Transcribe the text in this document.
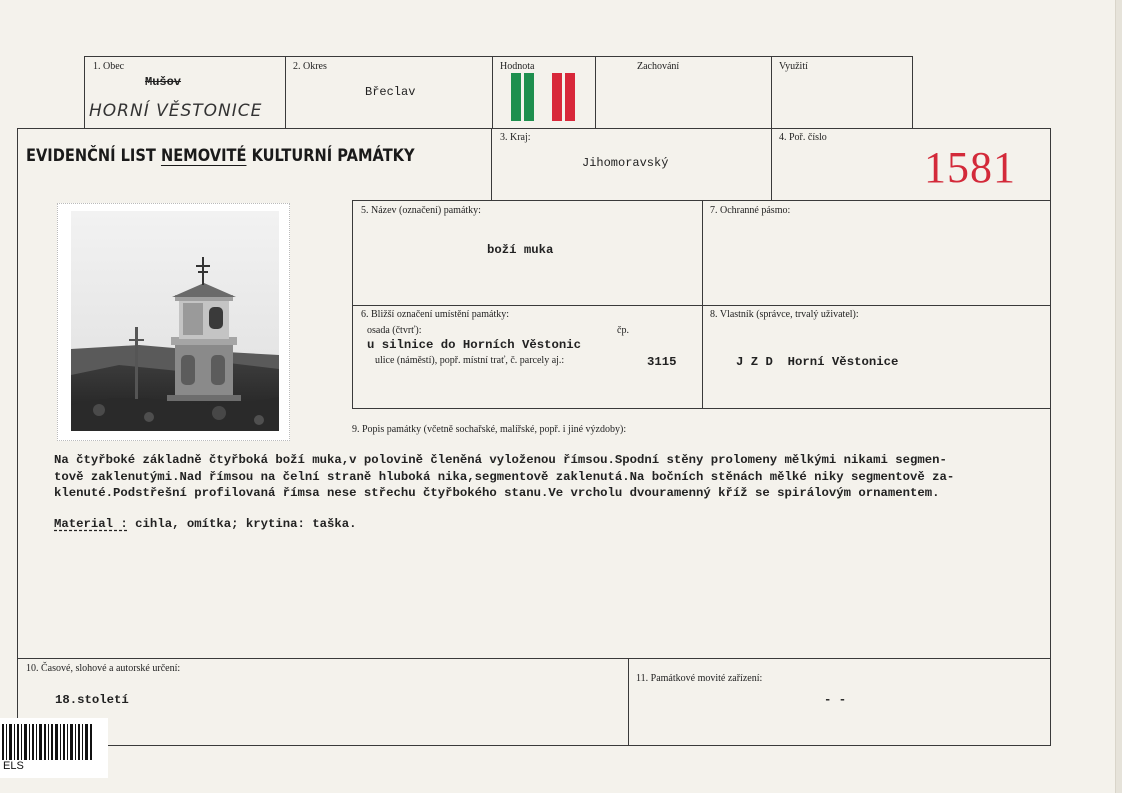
1. Obec
Mušov
HORNÍ VĚSTONICE
2. Okres
Břeclav
Hodnota	Zachování	Využití
EVIDENČNÍ LIST NEMOVITÉ KULTURNÍ PAMÁTKY
3. Kraj:
Jihomoravský
4. Poř. číslo
1581
5. Název (označení) památky:
boží muka
7. Ochranné pásmo:
6. Bližší označení umístění památky:
osada (čtvrť):	čp.
u silnice do Horních Věstonic
ulice (náměstí), popř. místní trať, č. parcely aj.:	3115
8. Vlastník (správce, trvalý uživatel):
J Z D  Horní Věstonice
9. Popis památky (včetně sochařské, malířské, popř. i jiné výzdoby):
Na čtyřboké základně čtyřboká boží muka,v polovině členěná vyloženou římsou.Spodní stěny prolomeny mělkými nikami segmen-
tově zaklenutými.Nad římsou na čelní straně hluboká nika,segmentově zaklenutá.Na bočních stěnách mělké niky segmentově za-
klenuté.Podstřešní profilovaná římsa nese střechu čtyřbokého stanu.Ve vrcholu dvouramenný kříž se spirálovým ornamentem.
Material : cihla, omítka; krytina: taška.
10. Časové, slohové a autorské určení:
18.století
11. Památkové movité zařízení:
- -
ELS
